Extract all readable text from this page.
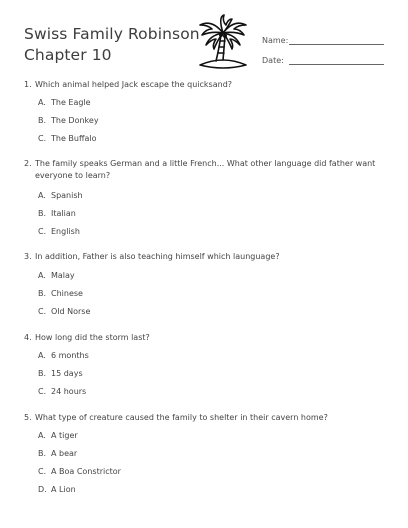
Swiss Family Robinson
Chapter 10
Name:
Date:
1. Which animal helped Jack escape the quicksand?
A. The Eagle
B. The Donkey
C. The Buffalo
2. The family speaks German and a little French... What other language did father want everyone to learn?
A. Spanish
B. Italian
C. English
3. In addition, Father is also teaching himself which launguage?
A. Malay
B. Chinese
C. Old Norse
4. How long did the storm last?
A. 6 months
B. 15 days
C. 24 hours
5. What type of creature caused the family to shelter in their cavern home?
A. A tiger
B. A bear
C. A Boa Constrictor
D. A Lion
